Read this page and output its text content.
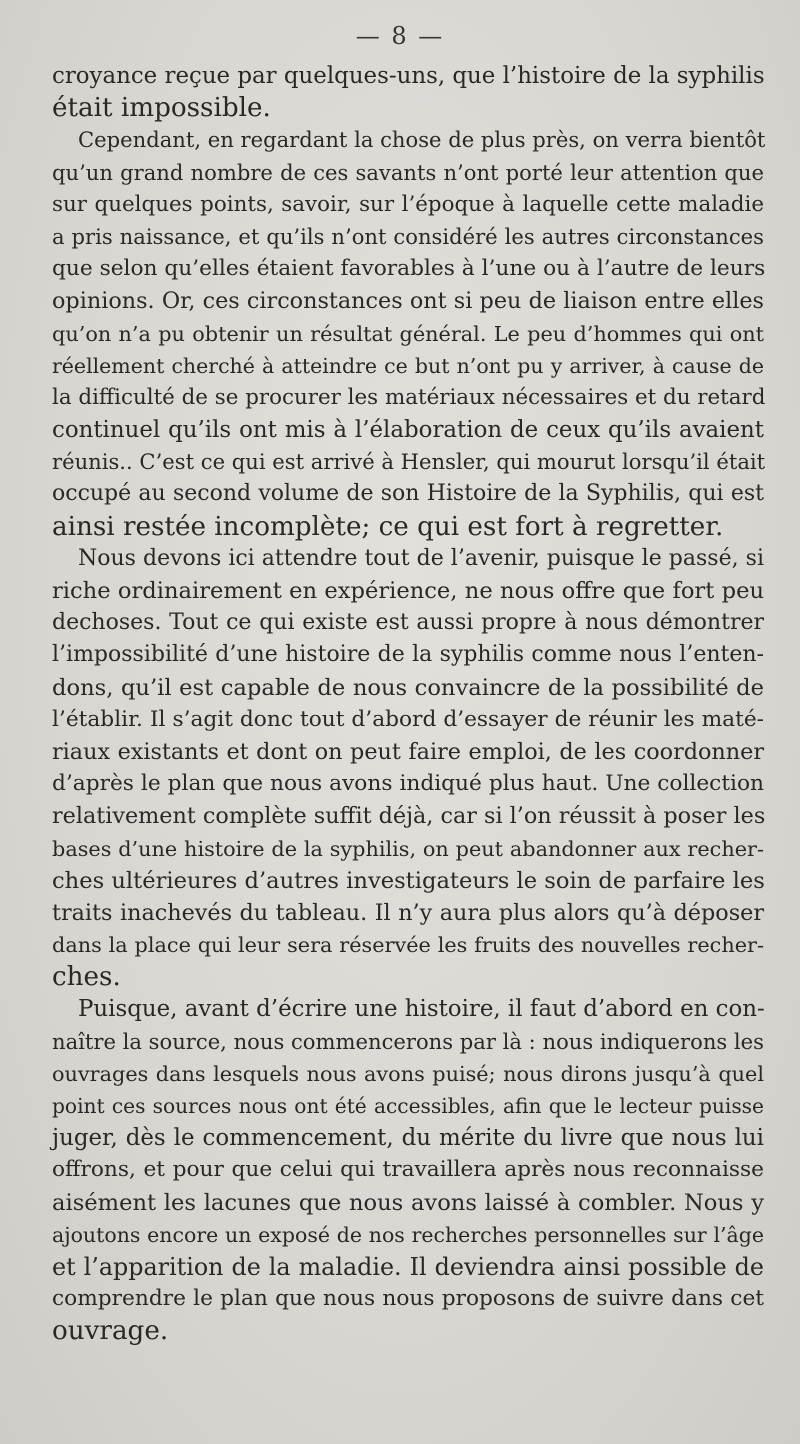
— 8 —
croyance reçue par quelques-uns, que l’histoire de la syphilis
était impossible.
Cependant, en regardant la chose de plus près, on verra bientôt
qu’un grand nombre de ces savants n’ont porté leur attention que
sur quelques points, savoir, sur l’époque à laquelle cette maladie
a pris naissance, et qu’ils n’ont considéré les autres circonstances
que selon qu’elles étaient favorables à l’une ou à l’autre de leurs
opinions. Or, ces circonstances ont si peu de liaison entre elles
qu’on n’a pu obtenir un résultat général. Le peu d’hommes qui ont
réellement cherché à atteindre ce but n’ont pu y arriver, à cause de
la difficulté de se procurer les matériaux nécessaires et du retard
continuel qu’ils ont mis à l’élaboration de ceux qu’ils avaient
réunis.. C’est ce qui est arrivé à Hensler, qui mourut lorsqu’il était
occupé au second volume de son Histoire de la Syphilis, qui est
ainsi restée incomplète; ce qui est fort à regretter.
Nous devons ici attendre tout de l’avenir, puisque le passé, si
riche ordinairement en expérience, ne nous offre que fort peu
dechoses. Tout ce qui existe est aussi propre à nous démontrer
l’impossibilité d’une histoire de la syphilis comme nous l’enten-
dons, qu’il est capable de nous convaincre de la possibilité de
l’établir. Il s’agit donc tout d’abord d’essayer de réunir les maté-
riaux existants et dont on peut faire emploi, de les coordonner
d’après le plan que nous avons indiqué plus haut. Une collection
relativement complète suffit déjà, car si l’on réussit à poser les
bases d’une histoire de la syphilis, on peut abandonner aux recher-
ches ultérieures d’autres investigateurs le soin de parfaire les
traits inachevés du tableau. Il n’y aura plus alors qu’à déposer
dans la place qui leur sera réservée les fruits des nouvelles recher-
ches.
Puisque, avant d’écrire une histoire, il faut d’abord en con-
naître la source, nous commencerons par là : nous indiquerons les
ouvrages dans lesquels nous avons puisé; nous dirons jusqu’à quel
point ces sources nous ont été accessibles, afin que le lecteur puisse
juger, dès le commencement, du mérite du livre que nous lui
offrons, et pour que celui qui travaillera après nous reconnaisse
aisément les lacunes que nous avons laissé à combler. Nous y
ajoutons encore un exposé de nos recherches personnelles sur l’âge
et l’apparition de la maladie. Il deviendra ainsi possible de
comprendre le plan que nous nous proposons de suivre dans cet
ouvrage.
